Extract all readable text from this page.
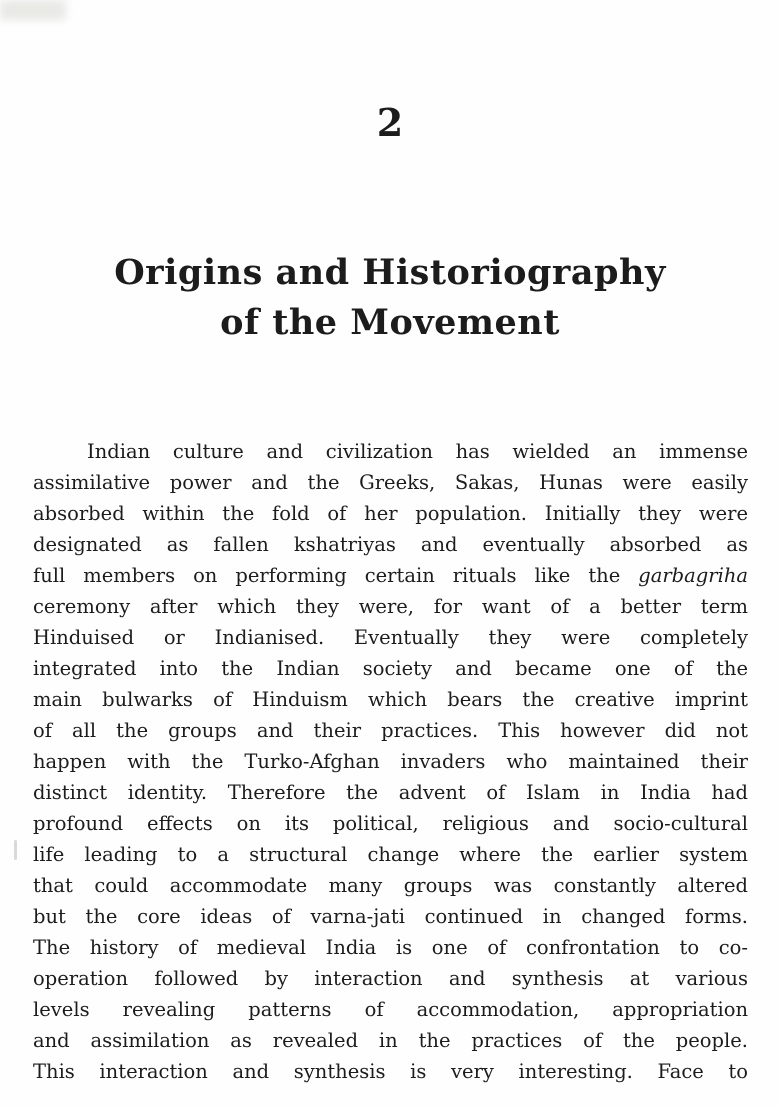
2
Origins and Historiography
of the Movement
Indian culture and civilization has wielded an immense
assimilative power and the Greeks, Sakas, Hunas were easily
absorbed within the fold of her population. Initially they were
designated as fallen kshatriyas and eventually absorbed as
full members on performing certain rituals like the garbagriha
ceremony after which they were, for want of a better term
Hinduised or Indianised. Eventually they were completely
integrated into the Indian society and became one of the
main bulwarks of Hinduism which bears the creative imprint
of all the groups and their practices. This however did not
happen with the Turko-Afghan invaders who maintained their
distinct identity. Therefore the advent of Islam in India had
profound effects on its political, religious and socio-cultural
life leading to a structural change where the earlier system
that could accommodate many groups was constantly altered
but the core ideas of varna-jati continued in changed forms.
The history of medieval India is one of confrontation to co-
operation followed by interaction and synthesis at various
levels revealing patterns of accommodation, appropriation
and assimilation as revealed in the practices of the people.
This interaction and synthesis is very interesting. Face to
